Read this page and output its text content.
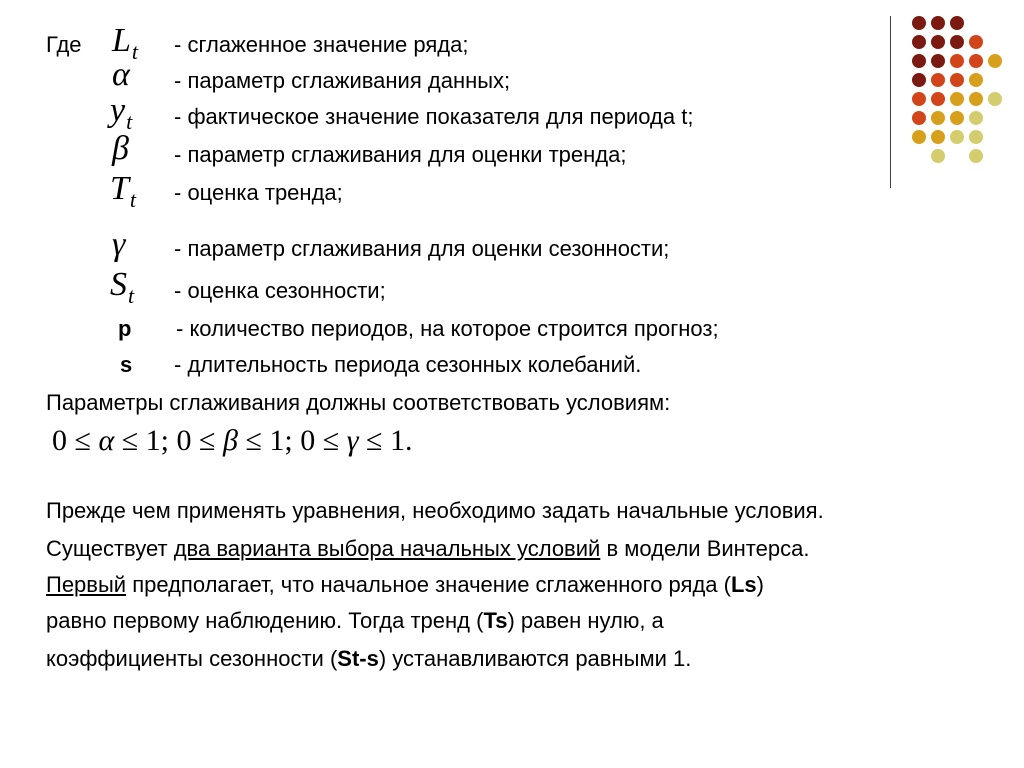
Где $L_t$
α
$y_t$
β
$T_t$
γ
$S_t$
p
s
- сглаженное значение ряда;
- параметр сглаживания данных;
- фактическое значение показателя для периода t;
- параметр сглаживания для оценки тренда;
- оценка тренда;
- параметр сглаживания для оценки сезонности;
- оценка сезонности;
- количество периодов, на которое строится прогноз;
- длительность периода сезонных колебаний.
Параметры сглаживания должны соответствовать условиям:
0 ≤ α ≤ 1; 0 ≤ β ≤ 1; 0 ≤ γ ≤ 1.
Прежде чем применять уравнения, необходимо задать начальные условия.
Существует два варианта выбора начальных условий в модели Винтерса.
Первый предполагает, что начальное значение сглаженного ряда (Ls)
равно первому наблюдению. Тогда тренд (Ts) равен нулю, а
коэффициенты сезонности (St-s) устанавливаются равными 1.
